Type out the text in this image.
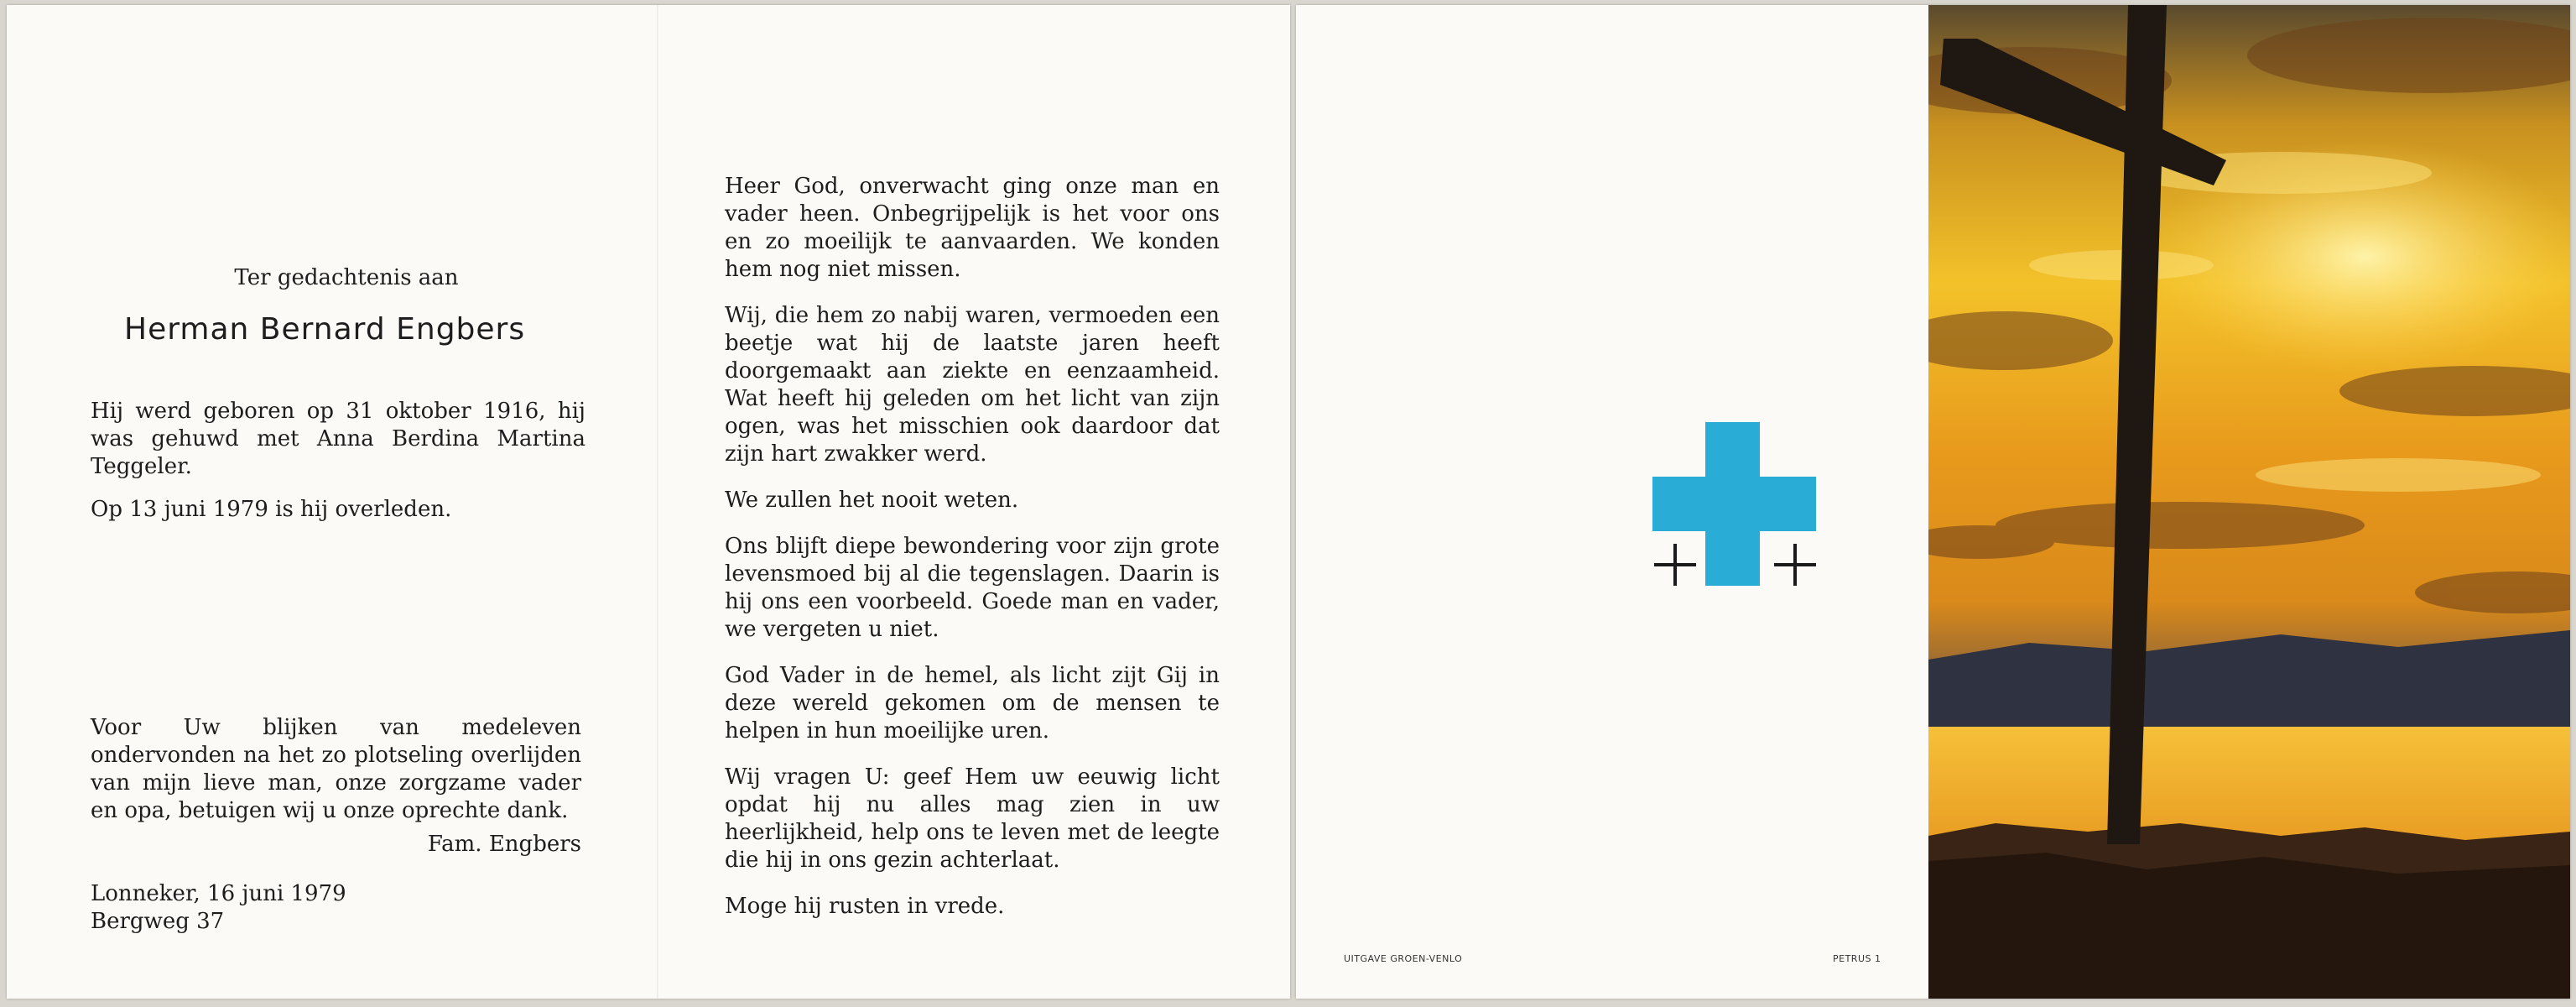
Ter gedachtenis aan
Herman Bernard Engbers

Hij werd geboren op 31 oktober 1916, hij was gehuwd met Anna Berdina Martina Teggeler.

Op 13 juni 1979 is hij overleden.

Voor Uw blijken van medeleven ondervonden na het zo plotseling overlijden van mijn lieve man, onze zorgzame vader en opa, betuigen wij u onze oprechte dank.

Fam. Engbers
Lonneker, 16 juni 1979
Bergweg 37

Heer God, onverwacht ging onze man en vader heen. Onbegrijpelijk is het voor ons en zo moeilijk te aanvaarden. We konden hem nog niet missen.

Wij, die hem zo nabij waren, vermoeden een beetje wat hij de laatste jaren heeft doorgemaakt aan ziekte en eenzaamheid. Wat heeft hij geleden om het licht van zijn ogen, was het misschien ook daardoor dat zijn hart zwakker werd.

We zullen het nooit weten.

Ons blijft diepe bewondering voor zijn grote levensmoed bij al die tegenslagen. Daarin is hij ons een voorbeeld. Goede man en vader, we vergeten u niet.

God Vader in de hemel, als licht zijt Gij in deze wereld gekomen om de mensen te helpen in hun moeilijke uren.

Wij vragen U: geef Hem uw eeuwig licht opdat hij nu alles mag zien in uw heerlijkheid, help ons te leven met de leegte die hij in ons gezin achterlaat.

Moge hij rusten in vrede.

UITGAVE GROEN-VENLO	PETRUS 1
